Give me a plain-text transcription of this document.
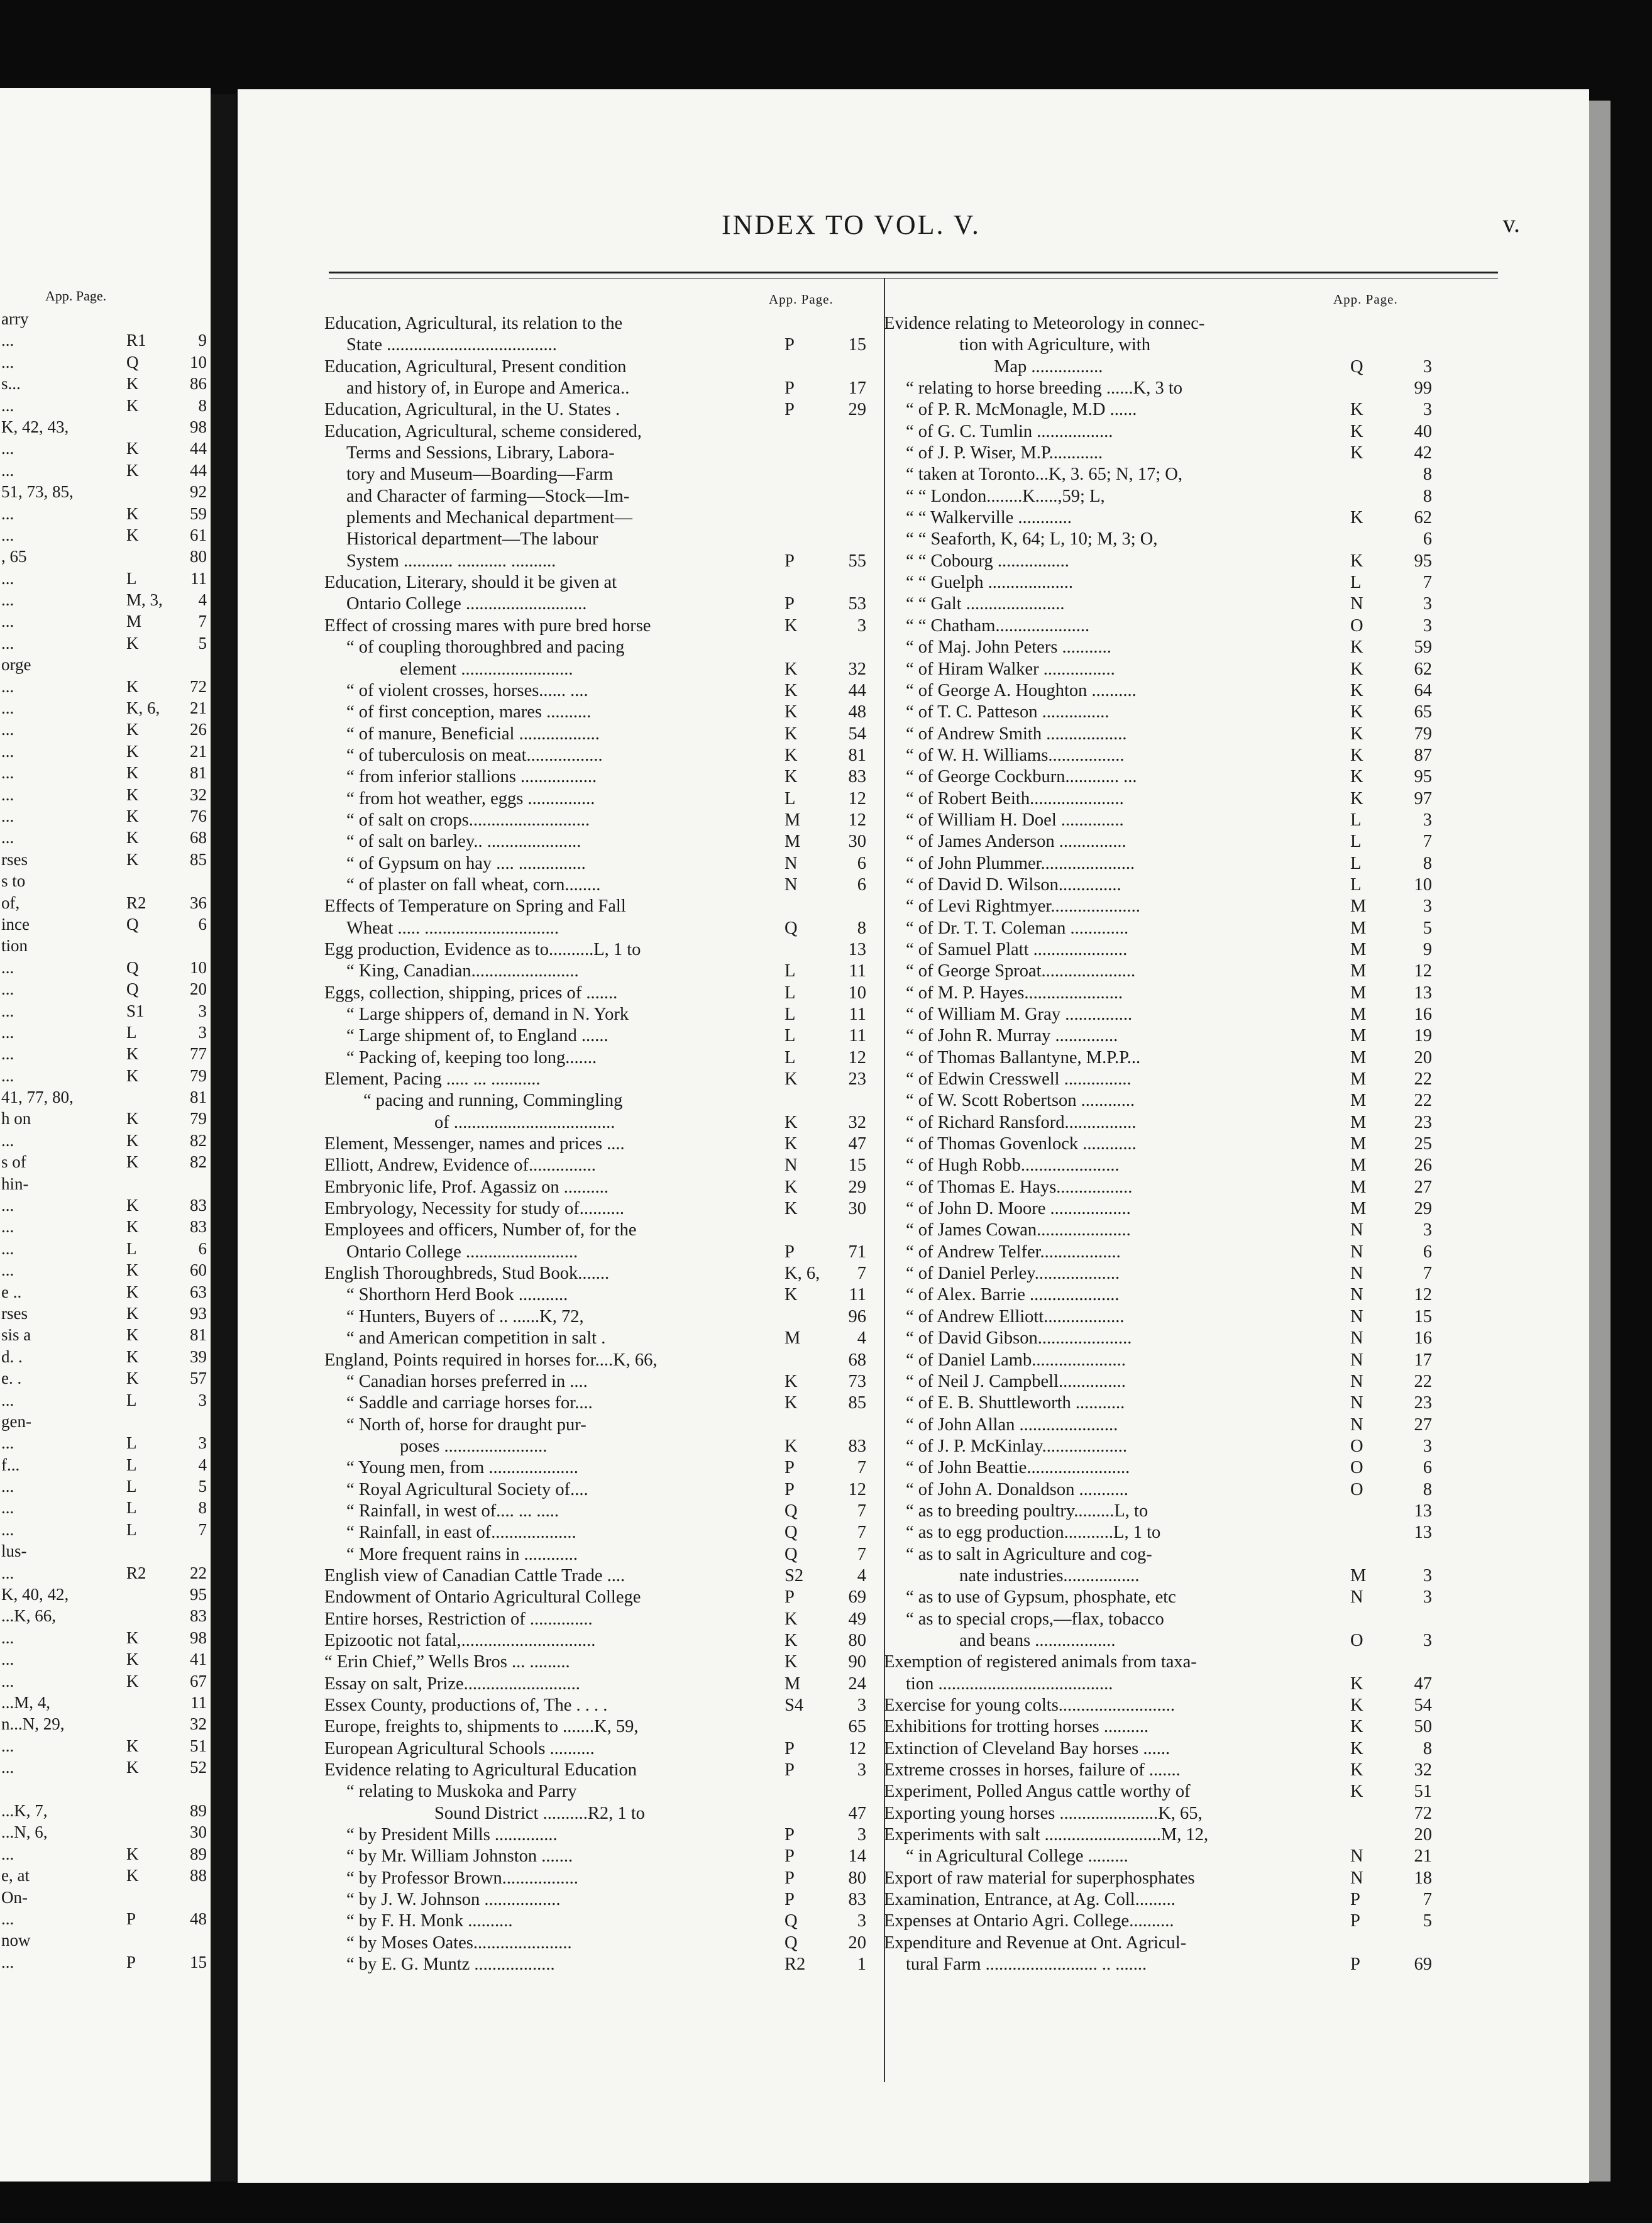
App. Page.
arry
...	R1	9
...	Q	10
s...	K	86
...	K	8
K, 42, 43,	98
...	K	44
...	K	44
51, 73, 85,	92
...	K	59
...	K	61
, 65	80
...	L	11
...	M, 3,	4
...	M	7
...	K	5
orge
...	K	72
...	K, 6,	21
...	K	26
...	K	21
...	K	81
...	K	32
...	K	76
...	K	68
rses	K	85
s to
of,	R2	36
ince	Q	6
tion
...	Q	10
...	Q	20
...	S1	3
...	L	3
...	K	77
...	K	79
41, 77, 80,	81
h on	K	79
...	K	82
s of	K	82
hin-
...	K	83
...	K	83
...	L	6
...	K	60
e ..	K	63
rses	K	93
sis a	K	81
d. .	K	39
e. .	K	57
...	L	3
gen-
...	L	3
f...	L	4
...	L	5
...	L	8
...	L	7
lus-
...	R2	22
K, 40, 42,	95
...K, 66,	83
...	K	98
...	K	41
...	K	67
...M, 4,	11
n...N, 29,	32
...	K	51
...	K	52
...K, 7,	89
...N, 6,	30
...	K	89
e, at	K	88
On-
...	P	48
now
...	P	15
INDEX TO VOL. V.	v.
App. Page.	App. Page.
Education, Agricultural, its relation to the
State ......................................	P	15
Education, Agricultural, Present condition
and history of, in Europe and America..	P	17
Education, Agricultural, in the U. States .	P	29
Education, Agricultural, scheme considered,
Terms and Sessions, Library, Labora-
tory and Museum—Boarding—Farm
and Character of farming—Stock—Im-
plements and Mechanical department—
Historical department—The labour
System ........... ........... ..........	P	55
Education, Literary, should it be given at
Ontario College ...........................	P	53
Effect of crossing mares with pure bred horse	K	3
“ of coupling thoroughbred and pacing
element .........................	K	32
“ of violent crosses, horses...... ....	K	44
“ of first conception, mares ..........	K	48
“ of manure, Beneficial ..................	K	54
“ of tuberculosis on meat.................	K	81
“ from inferior stallions .................	K	83
“ from hot weather, eggs ...............	L	12
“ of salt on crops...........................	M	12
“ of salt on barley.. .....................	M	30
“ of Gypsum on hay .... ...............	N	6
“ of plaster on fall wheat, corn........	N	6
Effects of Temperature on Spring and Fall
Wheat ..... ..............................	Q	8
Egg production, Evidence as to..........L, 1 to	13
“ King, Canadian........................	L	11
Eggs, collection, shipping, prices of .......	L	10
“ Large shippers of, demand in N. York	L	11
“ Large shipment of, to England ......	L	11
“ Packing of, keeping too long.......	L	12
Element, Pacing ..... ... ...........	K	23
“ pacing and running, Commingling
of ....................................	K	32
Element, Messenger, names and prices ....	K	47
Elliott, Andrew, Evidence of...............	N	15
Embryonic life, Prof. Agassiz on ..........	K	29
Embryology, Necessity for study of..........	K	30
Employees and officers, Number of, for the
Ontario College .........................	P	71
English Thoroughbreds, Stud Book.......	K, 6,	7
“ Shorthorn Herd Book ...........	K	11
“ Hunters, Buyers of .. ......K, 72,	96
“ and American competition in salt .	M	4
England, Points required in horses for....K, 66,	68
“ Canadian horses preferred in ....	K	73
“ Saddle and carriage horses for....	K	85
“ North of, horse for draught pur-
poses .......................	K	83
“ Young men, from ....................	P	7
“ Royal Agricultural Society of....	P	12
“ Rainfall, in west of.... ... .....	Q	7
“ Rainfall, in east of...................	Q	7
“ More frequent rains in ............	Q	7
English view of Canadian Cattle Trade ....	S2	4
Endowment of Ontario Agricultural College	P	69
Entire horses, Restriction of ..............	K	49
Epizootic not fatal,..............................	K	80
“ Erin Chief,” Wells Bros ... .........	K	90
Essay on salt, Prize..........................	M	24
Essex County, productions of, The . . . .	S4	3
Europe, freights to, shipments to .......K, 59,	65
European Agricultural Schools ..........	P	12
Evidence relating to Agricultural Education	P	3
“ relating to Muskoka and Parry
Sound District ..........R2, 1 to	47
“ by President Mills ..............	P	3
“ by Mr. William Johnston .......	P	14
“ by Professor Brown.................	P	80
“ by J. W. Johnson .................	P	83
“ by F. H. Monk ..........	Q	3
“ by Moses Oates......................	Q	20
“ by E. G. Muntz ..................	R2	1
Evidence relating to Meteorology in connec-
tion with Agriculture, with
Map ................	Q	3
“ relating to horse breeding ......K, 3 to	99
“ of P. R. McMonagle, M.D ......	K	3
“ of G. C. Tumlin .................	K	40
“ of J. P. Wiser, M.P............	K	42
“ taken at Toronto...K, 3. 65; N, 17; O,	8
“ “ London........K.....,59; L,	8
“ “ Walkerville ............	K	62
“ “ Seaforth, K, 64; L, 10; M, 3; O,	6
“ “ Cobourg ................	K	95
“ “ Guelph ...................	L	7
“ “ Galt ......................	N	3
“ “ Chatham.....................	O	3
“ of Maj. John Peters ...........	K	59
“ of Hiram Walker ................	K	62
“ of George A. Houghton ..........	K	64
“ of T. C. Patteson ...............	K	65
“ of Andrew Smith ..................	K	79
“ of W. H. Williams.................	K	87
“ of George Cockburn............ ...	K	95
“ of Robert Beith.....................	K	97
“ of William H. Doel ..............	L	3
“ of James Anderson ...............	L	7
“ of John Plummer.....................	L	8
“ of David D. Wilson..............	L	10
“ of Levi Rightmyer....................	M	3
“ of Dr. T. T. Coleman .............	M	5
“ of Samuel Platt .....................	M	9
“ of George Sproat.....................	M	12
“ of M. P. Hayes......................	M	13
“ of William M. Gray ...............	M	16
“ of John R. Murray ..............	M	19
“ of Thomas Ballantyne, M.P.P...	M	20
“ of Edwin Cresswell ...............	M	22
“ of W. Scott Robertson ............	M	22
“ of Richard Ransford................	M	23
“ of Thomas Govenlock ............	M	25
“ of Hugh Robb......................	M	26
“ of Thomas E. Hays.................	M	27
“ of John D. Moore ..................	M	29
“ of James Cowan.....................	N	3
“ of Andrew Telfer..................	N	6
“ of Daniel Perley...................	N	7
“ of Alex. Barrie ....................	N	12
“ of Andrew Elliott..................	N	15
“ of David Gibson.....................	N	16
“ of Daniel Lamb.....................	N	17
“ of Neil J. Campbell...............	N	22
“ of E. B. Shuttleworth ...........	N	23
“ of John Allan ......................	N	27
“ of J. P. McKinlay...................	O	3
“ of John Beattie.......................	O	6
“ of John A. Donaldson ...........	O	8
“ as to breeding poultry.........L, to	13
“ as to egg production...........L, 1 to	13
“ as to salt in Agriculture and cog-
nate industries.................	M	3
“ as to use of Gypsum, phosphate, etc	N	3
“ as to special crops,—flax, tobacco
and beans ..................	O	3
Exemption of registered animals from taxa-
tion .......................................	K	47
Exercise for young colts..........................	K	54
Exhibitions for trotting horses ..........	K	50
Extinction of Cleveland Bay horses ......	K	8
Extreme crosses in horses, failure of .......	K	32
Experiment, Polled Angus cattle worthy of	K	51
Exporting young horses ......................K, 65,	72
Experiments with salt ..........................M, 12,	20
“ in Agricultural College .........	N	21
Export of raw material for superphosphates	N	18
Examination, Entrance, at Ag. Coll.........	P	7
Expenses at Ontario Agri. College..........	P	5
Expenditure and Revenue at Ont. Agricul-
tural Farm ......................... .. .......	P	69
